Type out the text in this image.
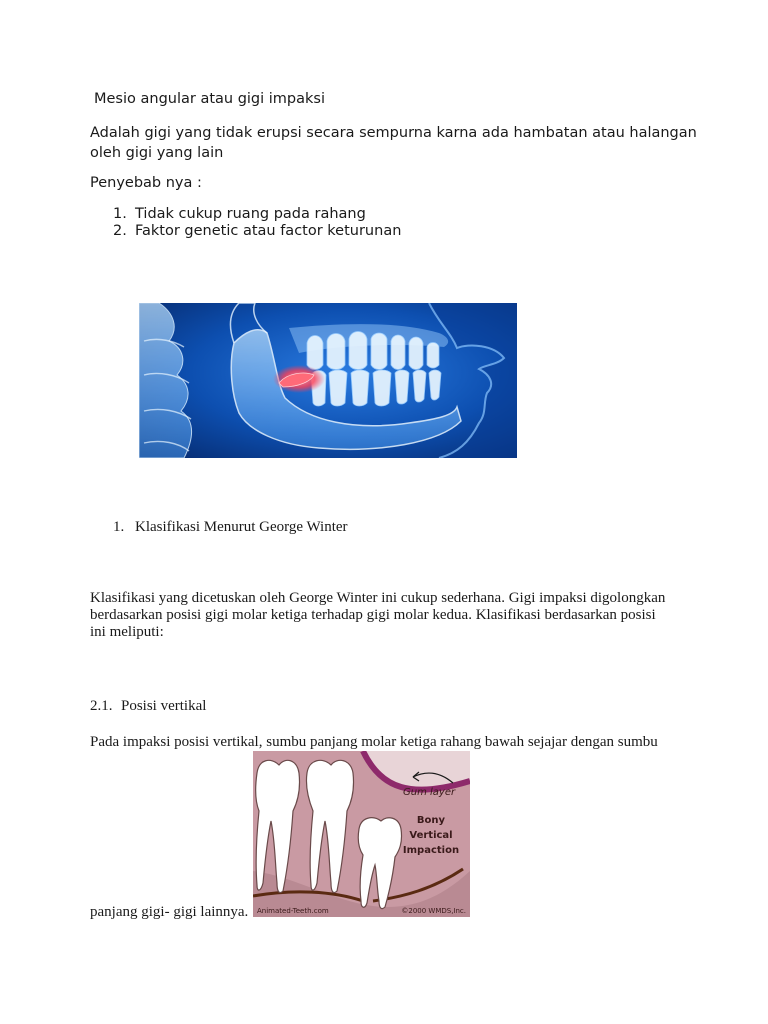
Mesio angular atau gigi impaksi
Adalah gigi yang tidak erupsi secara sempurna karna ada hambatan atau halangan
oleh gigi yang lain
Penyebab nya :
1. Tidak cukup ruang pada rahang
2. Faktor genetic atau factor keturunan
1. Klasifikasi Menurut George Winter
Klasifikasi yang dicetuskan oleh George Winter ini cukup sederhana. Gigi impaksi digolongkan
berdasarkan posisi gigi molar ketiga terhadap gigi molar kedua. Klasifikasi berdasarkan posisi
ini meliputi:
2.1. Posisi vertikal
Pada impaksi posisi vertikal, sumbu panjang molar ketiga rahang bawah sejajar dengan sumbu
Gum layer
Bony
Vertical
Impaction
Animated-Teeth.com	©2000 WMDS,Inc.
panjang gigi- gigi lainnya.
